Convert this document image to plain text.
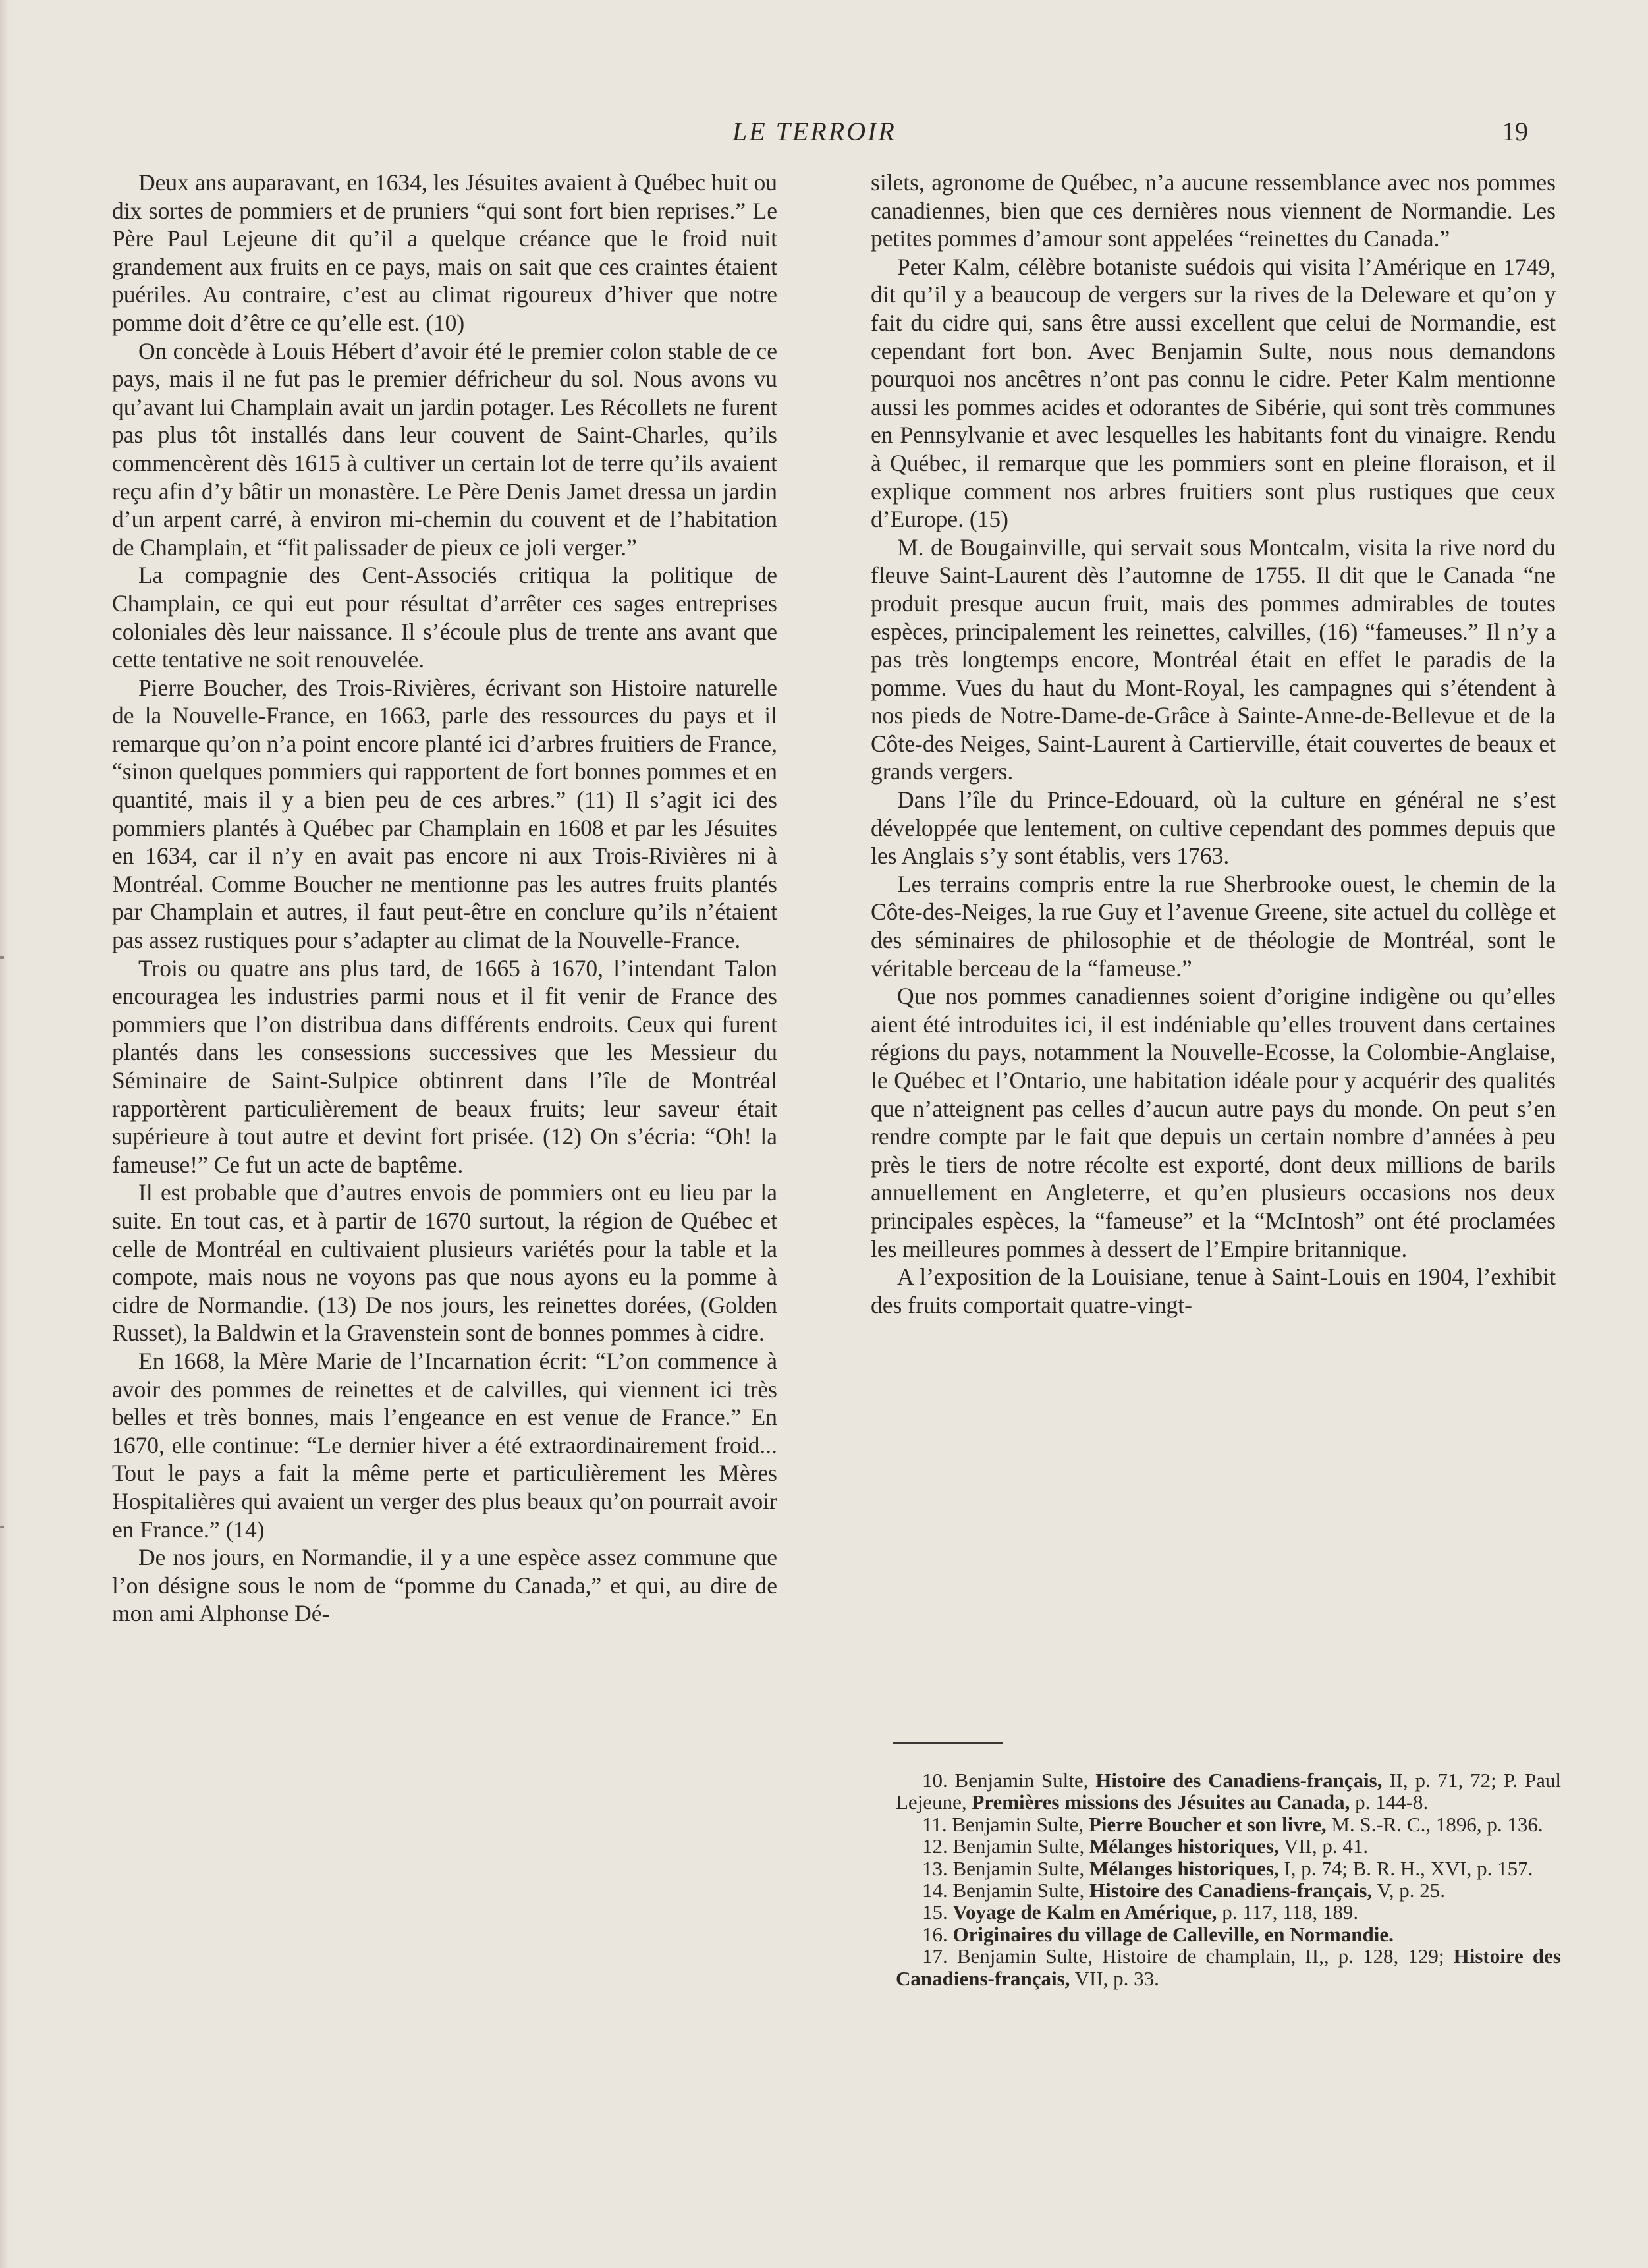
LE TERROIR	19

Deux ans auparavant, en 1634, les Jésuites avaient à Québec huit ou dix sortes de pommiers et de pruniers “qui sont fort bien reprises.” Le Père Paul Lejeune dit qu’il a quelque créance que le froid nuit grandement aux fruits en ce pays, mais on sait que ces craintes étaient puériles. Au contraire, c’est au climat rigoureux d’hiver que notre pomme doit d’être ce qu’elle est. (10)

On concède à Louis Hébert d’avoir été le premier colon stable de ce pays, mais il ne fut pas le premier défricheur du sol. Nous avons vu qu’avant lui Champlain avait un jardin potager. Les Récollets ne furent pas plus tôt installés dans leur couvent de Saint-Charles, qu’ils commencèrent dès 1615 à cultiver un certain lot de terre qu’ils avaient reçu afin d’y bâtir un monastère. Le Père Denis Jamet dressa un jardin d’un arpent carré, à environ mi-chemin du couvent et de l’habitation de Champlain, et “fit palissader de pieux ce joli verger.”

La compagnie des Cent-Associés critiqua la politique de Champlain, ce qui eut pour résultat d’arrêter ces sages entreprises coloniales dès leur naissance. Il s’écoule plus de trente ans avant que cette tentative ne soit renouvelée.

Pierre Boucher, des Trois-Rivières, écrivant son Histoire naturelle de la Nouvelle-France, en 1663, parle des ressources du pays et il remarque qu’on n’a point encore planté ici d’arbres fruitiers de France, “sinon quelques pommiers qui rapportent de fort bonnes pommes et en quantité, mais il y a bien peu de ces arbres.” (11) Il s’agit ici des pommiers plantés à Québec par Champlain en 1608 et par les Jésuites en 1634, car il n’y en avait pas encore ni aux Trois-Rivières ni à Montréal. Comme Boucher ne mentionne pas les autres fruits plantés par Champlain et autres, il faut peut-être en conclure qu’ils n’étaient pas assez rustiques pour s’adapter au climat de la Nouvelle-France.

Trois ou quatre ans plus tard, de 1665 à 1670, l’intendant Talon encouragea les industries parmi nous et il fit venir de France des pommiers que l’on distribua dans différents endroits. Ceux qui furent plantés dans les consessions successives que les Messieur du Séminaire de Saint-Sulpice obtinrent dans l’île de Montréal rapportèrent particulièrement de beaux fruits; leur saveur était supérieure à tout autre et devint fort prisée. (12) On s’écria: “Oh! la fameuse!” Ce fut un acte de baptême.

Il est probable que d’autres envois de pommiers ont eu lieu par la suite. En tout cas, et à partir de 1670 surtout, la région de Québec et celle de Montréal en cultivaient plusieurs variétés pour la table et la compote, mais nous ne voyons pas que nous ayons eu la pomme à cidre de Normandie. (13) De nos jours, les reinettes dorées, (Golden Russet), la Baldwin et la Gravenstein sont de bonnes pommes à cidre.

En 1668, la Mère Marie de l’Incarnation écrit: “L’on commence à avoir des pommes de reinettes et de calvilles, qui viennent ici très belles et très bonnes, mais l’engeance en est venue de France.” En 1670, elle continue: “Le dernier hiver a été extraordinairement froid... Tout le pays a fait la même perte et particulièrement les Mères Hospitalières qui avaient un verger des plus beaux qu’on pourrait avoir en France.” (14)

De nos jours, en Normandie, il y a une espèce assez commune que l’on désigne sous le nom de “pomme du Canada,” et qui, au dire de mon ami Alphonse Dé-

silets, agronome de Québec, n’a aucune ressemblance avec nos pommes canadiennes, bien que ces dernières nous viennent de Normandie. Les petites pommes d’amour sont appelées “reinettes du Canada.”

Peter Kalm, célèbre botaniste suédois qui visita l’Amérique en 1749, dit qu’il y a beaucoup de vergers sur la rives de la Deleware et qu’on y fait du cidre qui, sans être aussi excellent que celui de Normandie, est cependant fort bon. Avec Benjamin Sulte, nous nous demandons pourquoi nos ancêtres n’ont pas connu le cidre. Peter Kalm mentionne aussi les pommes acides et odorantes de Sibérie, qui sont très communes en Pennsylvanie et avec lesquelles les habitants font du vinaigre. Rendu à Québec, il remarque que les pommiers sont en pleine floraison, et il explique comment nos arbres fruitiers sont plus rustiques que ceux d’Europe. (15)

M. de Bougainville, qui servait sous Montcalm, visita la rive nord du fleuve Saint-Laurent dès l’automne de 1755. Il dit que le Canada “ne produit presque aucun fruit, mais des pommes admirables de toutes espèces, principalement les reinettes, calvilles, (16) “fameuses.” Il n’y a pas très longtemps encore, Montréal était en effet le paradis de la pomme. Vues du haut du Mont-Royal, les campagnes qui s’étendent à nos pieds de Notre-Dame-de-Grâce à Sainte-Anne-de-Bellevue et de la Côte-des Neiges, Saint-Laurent à Cartierville, était couvertes de beaux et grands vergers.

Dans l’île du Prince-Edouard, où la culture en général ne s’est développée que lentement, on cultive cependant des pommes depuis que les Anglais s’y sont établis, vers 1763.

Les terrains compris entre la rue Sherbrooke ouest, le chemin de la Côte-des-Neiges, la rue Guy et l’avenue Greene, site actuel du collège et des séminaires de philosophie et de théologie de Montréal, sont le véritable berceau de la “fameuse.”

Que nos pommes canadiennes soient d’origine indigène ou qu’elles aient été introduites ici, il est indéniable qu’elles trouvent dans certaines régions du pays, notamment la Nouvelle-Ecosse, la Colombie-Anglaise, le Québec et l’Ontario, une habitation idéale pour y acquérir des qualités que n’atteignent pas celles d’aucun autre pays du monde. On peut s’en rendre compte par le fait que depuis un certain nombre d’années à peu près le tiers de notre récolte est exporté, dont deux millions de barils annuellement en Angleterre, et qu’en plusieurs occasions nos deux principales espèces, la “fameuse” et la “McIntosh” ont été proclamées les meilleures pommes à dessert de l’Empire britannique.

A l’exposition de la Louisiane, tenue à Saint-Louis en 1904, l’exhibit des fruits comportait quatre-vingt-

10. Benjamin Sulte, Histoire des Canadiens-français, II, p. 71, 72; P. Paul Lejeune, Premières missions des Jésuites au Canada, p. 144-8.

11. Benjamin Sulte, Pierre Boucher et son livre, M. S.-R. C., 1896, p. 136.

12. Benjamin Sulte, Mélanges historiques, VII, p. 41.

13. Benjamin Sulte, Mélanges historiques, I, p. 74; B. R. H., XVI, p. 157.

14. Benjamin Sulte, Histoire des Canadiens-français, V, p. 25.

15. Voyage de Kalm en Amérique, p. 117, 118, 189.

16. Originaires du village de Calleville, en Normandie.

17. Benjamin Sulte, Histoire de champlain, II,, p. 128, 129; Histoire des Canadiens-français, VII, p. 33.
